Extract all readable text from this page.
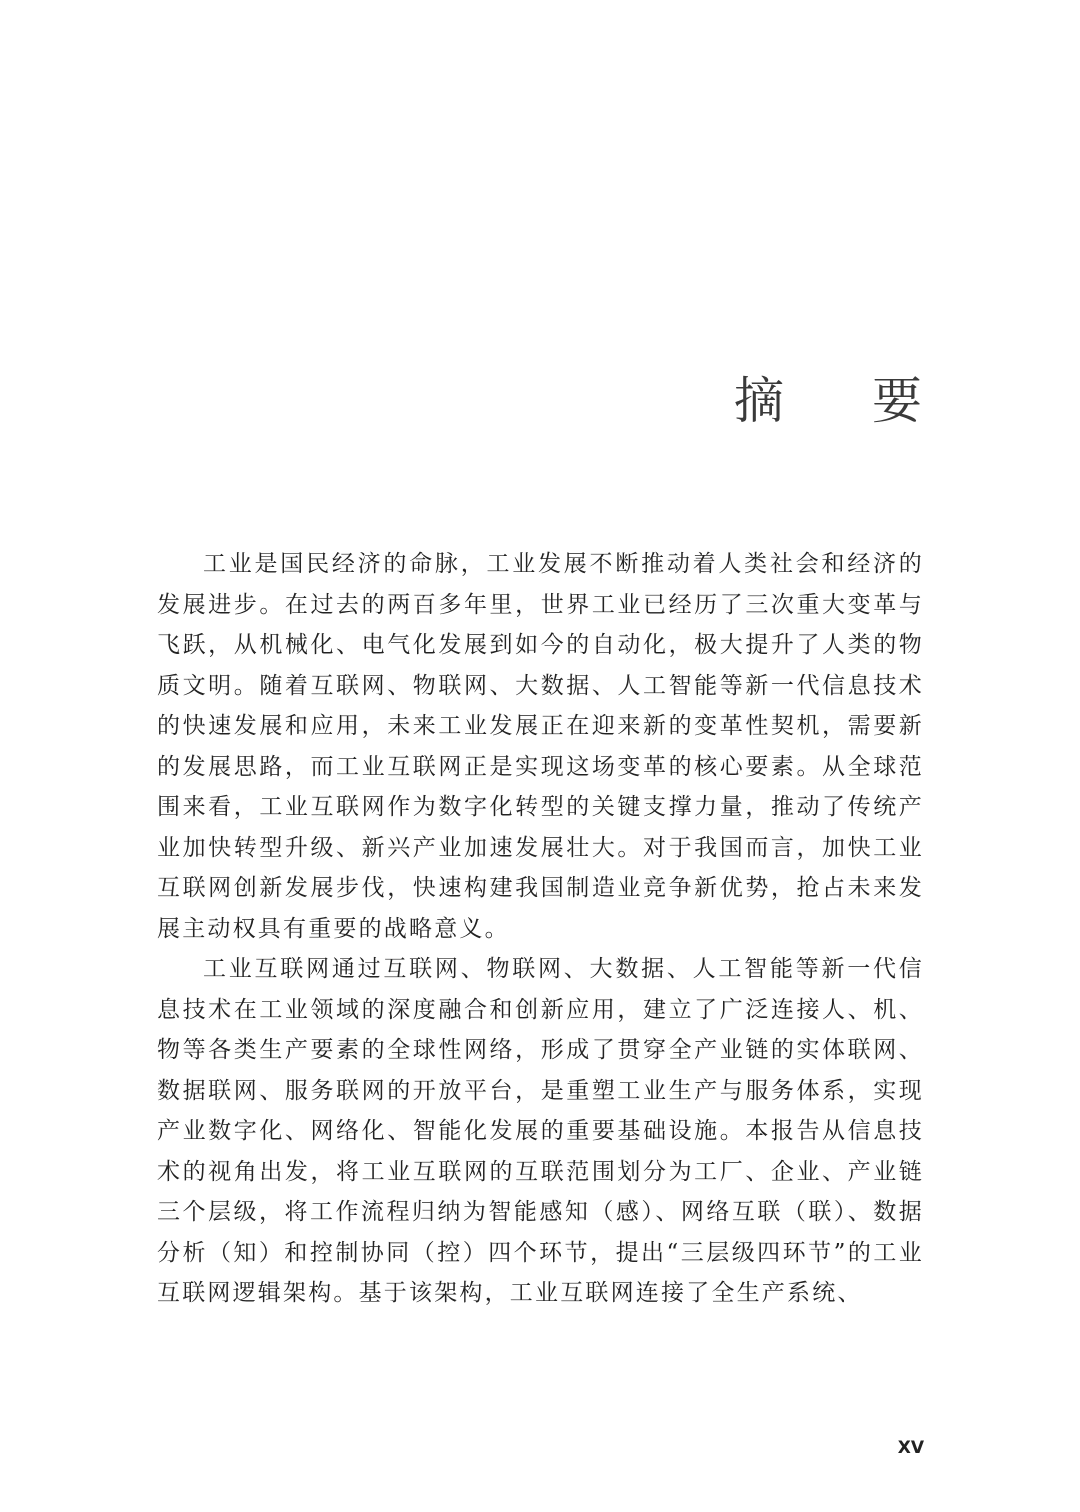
摘要

工业是国民经济的命脉，工业发展不断推动着人类社会和经济的发展进步。在过去的两百多年里，世界工业已经历了三次重大变革与飞跃，从机械化、电气化发展到如今的自动化，极大提升了人类的物质文明。随着互联网、物联网、大数据、人工智能等新一代信息技术的快速发展和应用，未来工业发展正在迎来新的变革性契机，需要新的发展思路，而工业互联网正是实现这场变革的核心要素。从全球范围来看，工业互联网作为数字化转型的关键支撑力量，推动了传统产业加快转型升级、新兴产业加速发展壮大。对于我国而言，加快工业互联网创新发展步伐，快速构建我国制造业竞争新优势，抢占未来发展主动权具有重要的战略意义。

工业互联网通过互联网、物联网、大数据、人工智能等新一代信息技术在工业领域的深度融合和创新应用，建立了广泛连接人、机、物等各类生产要素的全球性网络，形成了贯穿全产业链的实体联网、数据联网、服务联网的开放平台，是重塑工业生产与服务体系，实现产业数字化、网络化、智能化发展的重要基础设施。本报告从信息技术的视角出发，将工业互联网的互联范围划分为工厂、企业、产业链三个层级，将工作流程归纳为智能感知（感）、网络互联（联）、数据分析（知）和控制协同（控）四个环节，提出“三层级四环节”的工业互联网逻辑架构。基于该架构，工业互联网连接了全生产系统、

XV
